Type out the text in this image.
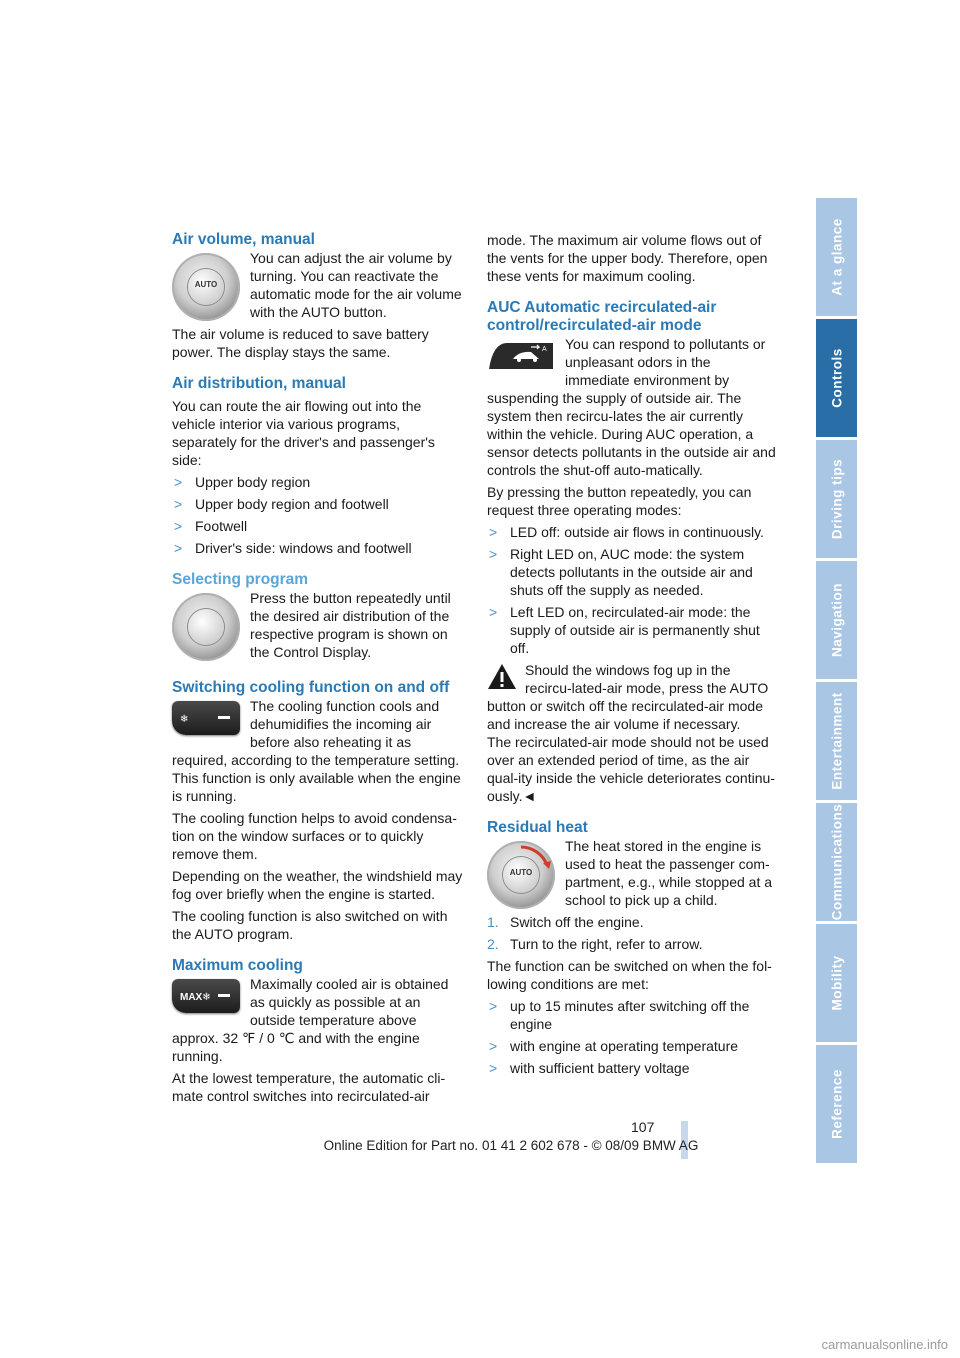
Air volume, manual
AUTO

You can adjust the air volume by turning. You can reactivate the automatic mode for the air volume with the AUTO button.

The air volume is reduced to save battery power. The display stays the same.

Air distribution, manual

You can route the air flowing out into the vehicle interior via various programs, separately for the driver's and passenger's side:

> Upper body region
> Upper body region and footwell
> Footwell
> Driver's side: windows and footwell
Selecting program

Press the button repeatedly until the desired air distribution of the respective program is shown on the Control Display.

Switching cooling function on and off
❄

The cooling function cools and dehumidifies the incoming air before also reheating it as required, according to the temperature setting. This function is only available when the engine is running.

The cooling function helps to avoid condensa-tion on the window surfaces or to quickly remove them.

Depending on the weather, the windshield may fog over briefly when the engine is started.

The cooling function is also switched on with the AUTO program.

Maximum cooling
MAX❄

Maximally cooled air is obtained as quickly as possible at an outside temperature above approx. 32 ℉ / 0 ℃ and with the engine running.

At the lowest temperature, the automatic cli-mate control switches into recirculated-air

mode. The maximum air volume flows out of the vents for the upper body. Therefore, open these vents for maximum cooling.

AUC Automatic recirculated-air control/recirculated-air mode
A	You can respond to pollutants or unpleasant odors in the immediate environment by suspending the supply of outside air. The system then recircu-lates the air currently within the vehicle. During AUC operation, a sensor detects pollutants in the outside air and controls the shut-off auto-matically.

By pressing the button repeatedly, you can request three operating modes:

> LED off: outside air flows in continuously.
> Right LED on, AUC mode: the system detects pollutants in the outside air and shuts off the supply as needed.
> Left LED on, recirculated-air mode: the supply of outside air is permanently shut off.

Should the windows fog up in the recircu-lated-air mode, press the AUTO button or switch off the recirculated-air mode and increase the air volume if necessary.

The recirculated-air mode should not be used over an extended period of time, as the air qual-ity inside the vehicle deteriorates continu-ously.◄

Residual heat
AUTO

The heat stored in the engine is used to heat the passenger com-partment, e.g., while stopped at a school to pick up a child.

1. Switch off the engine.
2. Turn to the right, refer to arrow.

The function can be switched on when the fol-lowing conditions are met:

> up to 15 minutes after switching off the engine
> with engine at operating temperature
> with sufficient battery voltage
At a glance
Controls
Driving tips
Navigation
Entertainment
Communications
Mobility
Reference
107
Online Edition for Part no. 01 41 2 602 678 - © 08/09 BMW AG
carmanualsonline.info
